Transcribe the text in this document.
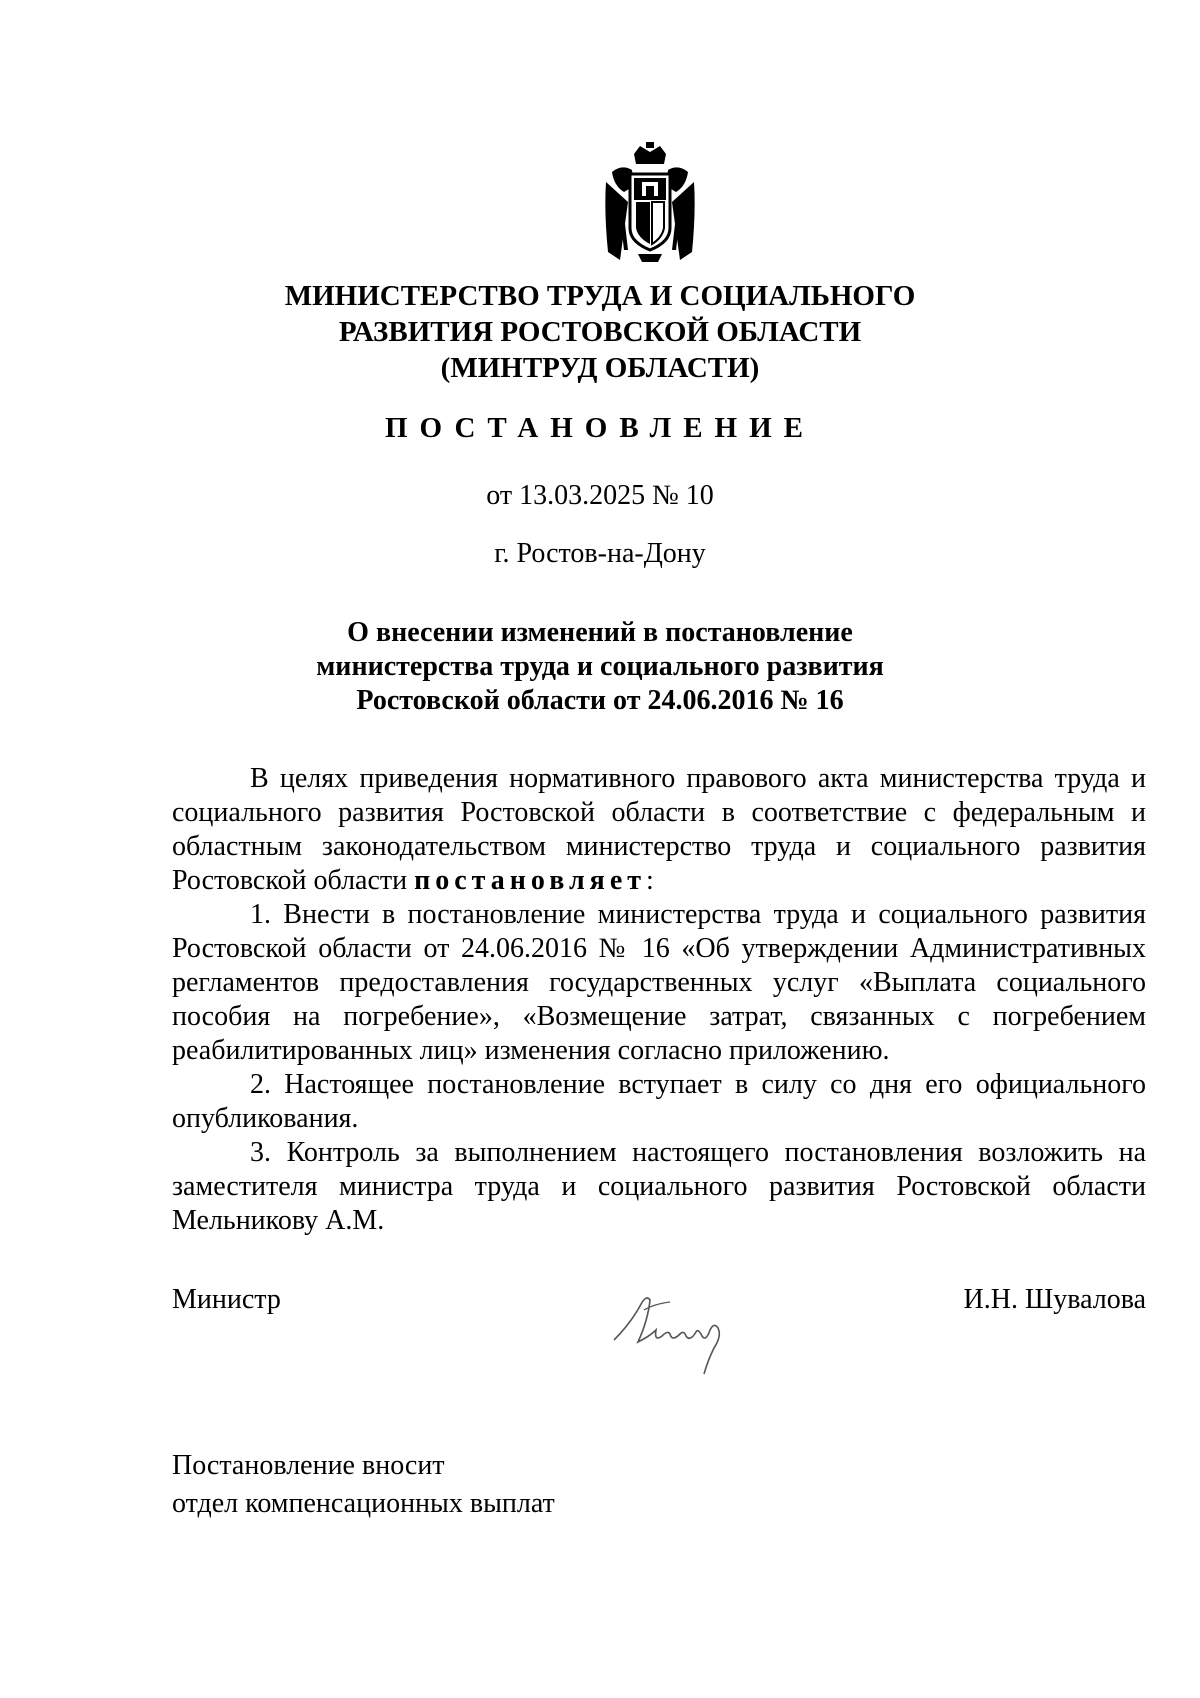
МИНИСТЕРСТВО ТРУДА И СОЦИАЛЬНОГО
РАЗВИТИЯ РОСТОВСКОЙ ОБЛАСТИ
(МИНТРУД ОБЛАСТИ)
ПОСТАНОВЛЕНИЕ
от 13.03.2025 № 10
г. Ростов-на-Дону
О внесении изменений в постановление
министерства труда и социального развития
Ростовской области от 24.06.2016 № 16

В целях приведения нормативного правового акта министерства труда и социального развития Ростовской области в соответствие с федеральным и областным законодательством министерство труда и социального развития Ростовской области постановляет:

1. Внести в постановление министерства труда и социального развития Ростовской области от 24.06.2016 № 16 «Об утверждении Административных регламентов предоставления государственных услуг «Выплата социального пособия на погребение», «Возмещение затрат, связанных с погребением реабилитированных лиц» изменения согласно приложению.

2. Настоящее постановление вступает в силу со дня его официального опубликования.

3. Контроль за выполнением настоящего постановления возложить на заместителя министра труда и социального развития Ростовской области Мельникову А.М.

Министр	И.Н. Шувалова
Постановление вносит
отдел компенсационных выплат
